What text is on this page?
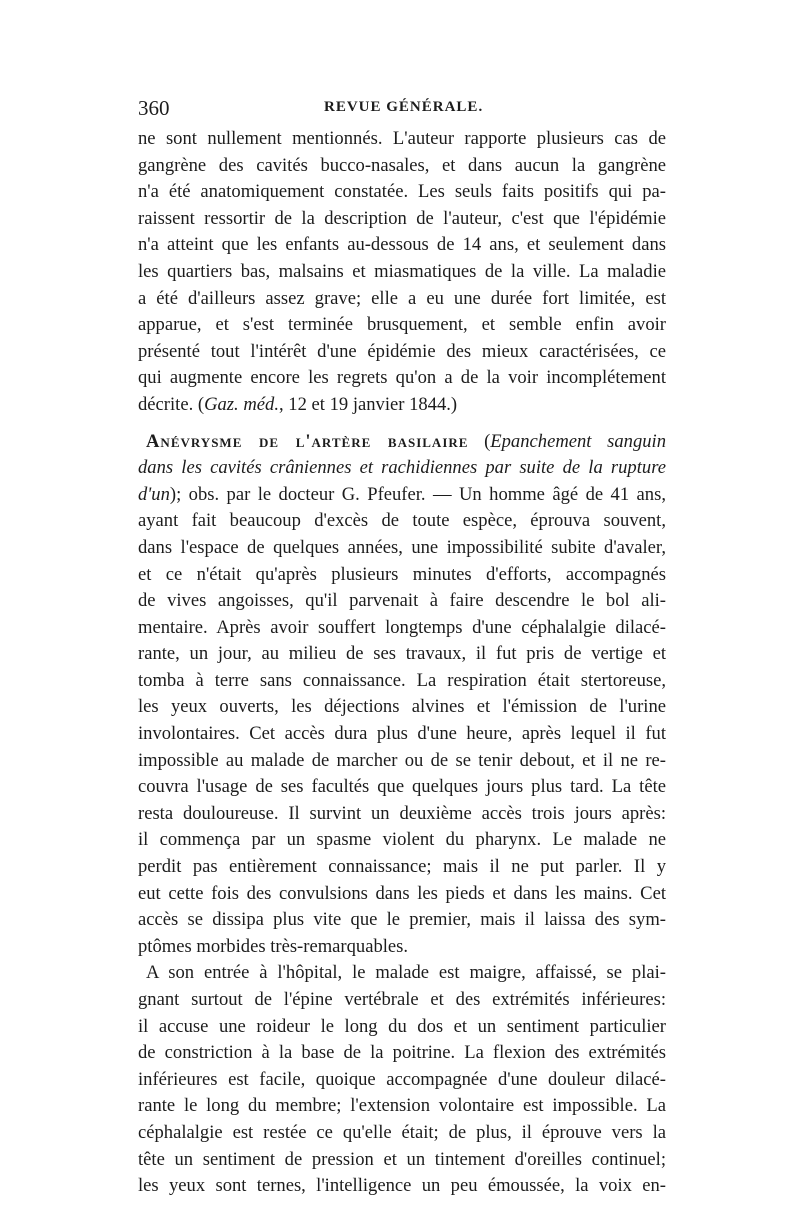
360	REVUE GÉNÉRALE.
ne sont nullement mentionnés. L'auteur rapporte plusieurs cas de
gangrène des cavités bucco-nasales, et dans aucun la gangrène
n'a été anatomiquement constatée. Les seuls faits positifs qui pa-
raissent ressortir de la description de l'auteur, c'est que l'épidémie
n'a atteint que les enfants au-dessous de 14 ans, et seulement dans
les quartiers bas, malsains et miasmatiques de la ville. La maladie
a été d'ailleurs assez grave; elle a eu une durée fort limitée, est
apparue, et s'est terminée brusquement, et semble enfin avoir
présenté tout l'intérêt d'une épidémie des mieux caractérisées, ce
qui augmente encore les regrets qu'on a de la voir incomplétement
décrite. (Gaz. méd., 12 et 19 janvier 1844.)
Anévrysme de l'artère basilaire (Epanchement sanguin
dans les cavités crâniennes et rachidiennes par suite de la rupture
d'un); obs. par le docteur G. Pfeufer. — Un homme âgé de 41 ans,
ayant fait beaucoup d'excès de toute espèce, éprouva souvent,
dans l'espace de quelques années, une impossibilité subite d'avaler,
et ce n'était qu'après plusieurs minutes d'efforts, accompagnés
de vives angoisses, qu'il parvenait à faire descendre le bol ali-
mentaire. Après avoir souffert longtemps d'une céphalalgie dilacé-
rante, un jour, au milieu de ses travaux, il fut pris de vertige et
tomba à terre sans connaissance. La respiration était stertoreuse,
les yeux ouverts, les déjections alvines et l'émission de l'urine
involontaires. Cet accès dura plus d'une heure, après lequel il fut
impossible au malade de marcher ou de se tenir debout, et il ne re-
couvra l'usage de ses facultés que quelques jours plus tard. La tête
resta douloureuse. Il survint un deuxième accès trois jours après:
il commença par un spasme violent du pharynx. Le malade ne
perdit pas entièrement connaissance; mais il ne put parler. Il y
eut cette fois des convulsions dans les pieds et dans les mains. Cet
accès se dissipa plus vite que le premier, mais il laissa des sym-
ptômes morbides très-remarquables.
A son entrée à l'hôpital, le malade est maigre, affaissé, se plai-
gnant surtout de l'épine vertébrale et des extrémités inférieures:
il accuse une roideur le long du dos et un sentiment particulier
de constriction à la base de la poitrine. La flexion des extrémités
inférieures est facile, quoique accompagnée d'une douleur dilacé-
rante le long du membre; l'extension volontaire est impossible. La
céphalalgie est restée ce qu'elle était; de plus, il éprouve vers la
tête un sentiment de pression et un tintement d'oreilles continuel;
les yeux sont ternes, l'intelligence un peu émoussée, la voix en-
